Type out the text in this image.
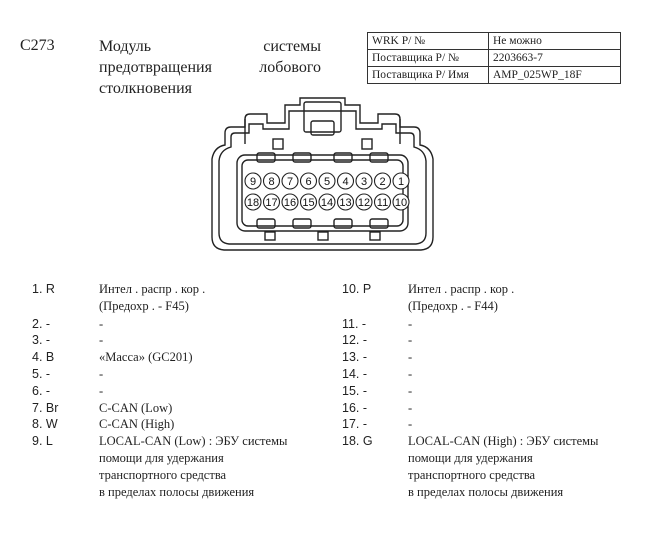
C273	Модуль системы предотвращения лобового столкновения
WRK P/ №	Не можно
Поставщика P/ №	2203663-7
Поставщика P/ Имя	AMP_025WP_18F
9 8 7 6 5 4 3 2 1
18 17 16 15 14 13 12 11 10
1. R	Интел . распр . кор .
(Предохр . - F45)
2. -	-
3. -	-
4. B	«Масса» (GC201)
5. -	-
6. -	-
7. Br	C-CAN (Low)
8. W	C-CAN (High)
9. L	LOCAL-CAN (Low) : ЭБУ системы
помощи для удержания
транспортного средства
в пределах полосы движения
10. P	Интел . распр . кор .
(Предохр . - F44)
11. -	-
12. -	-
13. -	-
14. -	-
15. -	-
16. -	-
17. -	-
18. G	LOCAL-CAN (High) : ЭБУ системы
помощи для удержания
транспортного средства
в пределах полосы движения
